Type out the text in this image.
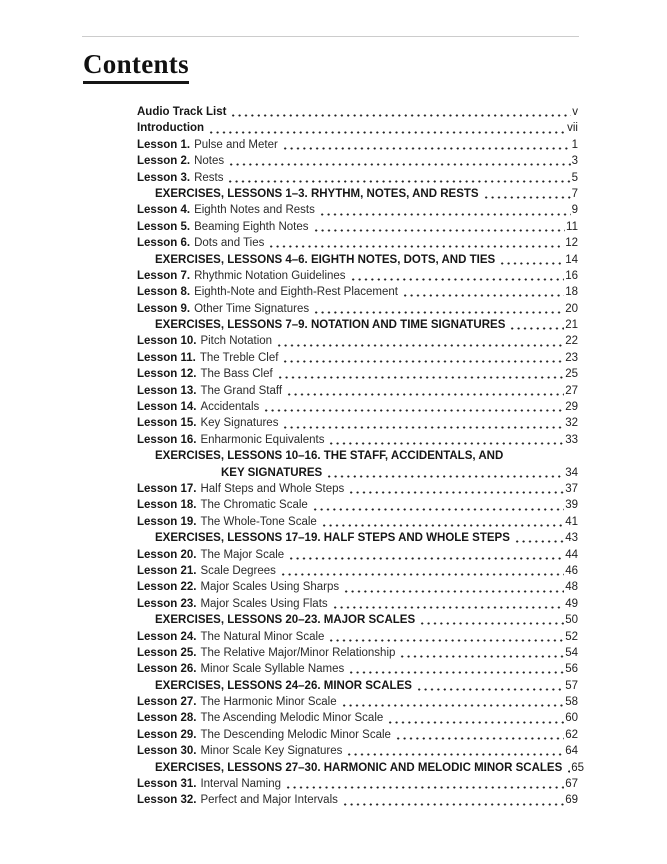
Contents
Audio Track List	v
Introduction	vii
Lesson 1. Pulse and Meter	1
Lesson 2. Notes	3
Lesson 3. Rests	5
EXERCISES, LESSONS 1–3. RHYTHM, NOTES, AND RESTS	7
Lesson 4. Eighth Notes and Rests	9
Lesson 5. Beaming Eighth Notes	11
Lesson 6. Dots and Ties	12
EXERCISES, LESSONS 4–6. EIGHTH NOTES, DOTS, AND TIES	14
Lesson 7. Rhythmic Notation Guidelines	16
Lesson 8. Eighth-Note and Eighth-Rest Placement	18
Lesson 9. Other Time Signatures	20
EXERCISES, LESSONS 7–9. NOTATION AND TIME SIGNATURES	21
Lesson 10. Pitch Notation	22
Lesson 11. The Treble Clef	23
Lesson 12. The Bass Clef	25
Lesson 13. The Grand Staff	27
Lesson 14. Accidentals	29
Lesson 15. Key Signatures	32
Lesson 16. Enharmonic Equivalents	33
EXERCISES, LESSONS 10–16. THE STAFF, ACCIDENTALS, AND
KEY SIGNATURES	34
Lesson 17. Half Steps and Whole Steps	37
Lesson 18. The Chromatic Scale	39
Lesson 19. The Whole-Tone Scale	41
EXERCISES, LESSONS 17–19. HALF STEPS AND WHOLE STEPS	43
Lesson 20. The Major Scale	44
Lesson 21. Scale Degrees	46
Lesson 22. Major Scales Using Sharps	48
Lesson 23. Major Scales Using Flats	49
EXERCISES, LESSONS 20–23. MAJOR SCALES	50
Lesson 24. The Natural Minor Scale	52
Lesson 25. The Relative Major/Minor Relationship	54
Lesson 26. Minor Scale Syllable Names	56
EXERCISES, LESSONS 24–26. MINOR SCALES	57
Lesson 27. The Harmonic Minor Scale	58
Lesson 28. The Ascending Melodic Minor Scale	60
Lesson 29. The Descending Melodic Minor Scale	62
Lesson 30. Minor Scale Key Signatures	64
EXERCISES, LESSONS 27–30. HARMONIC AND MELODIC MINOR SCALES 65
Lesson 31. Interval Naming	67
Lesson 32. Perfect and Major Intervals	69
